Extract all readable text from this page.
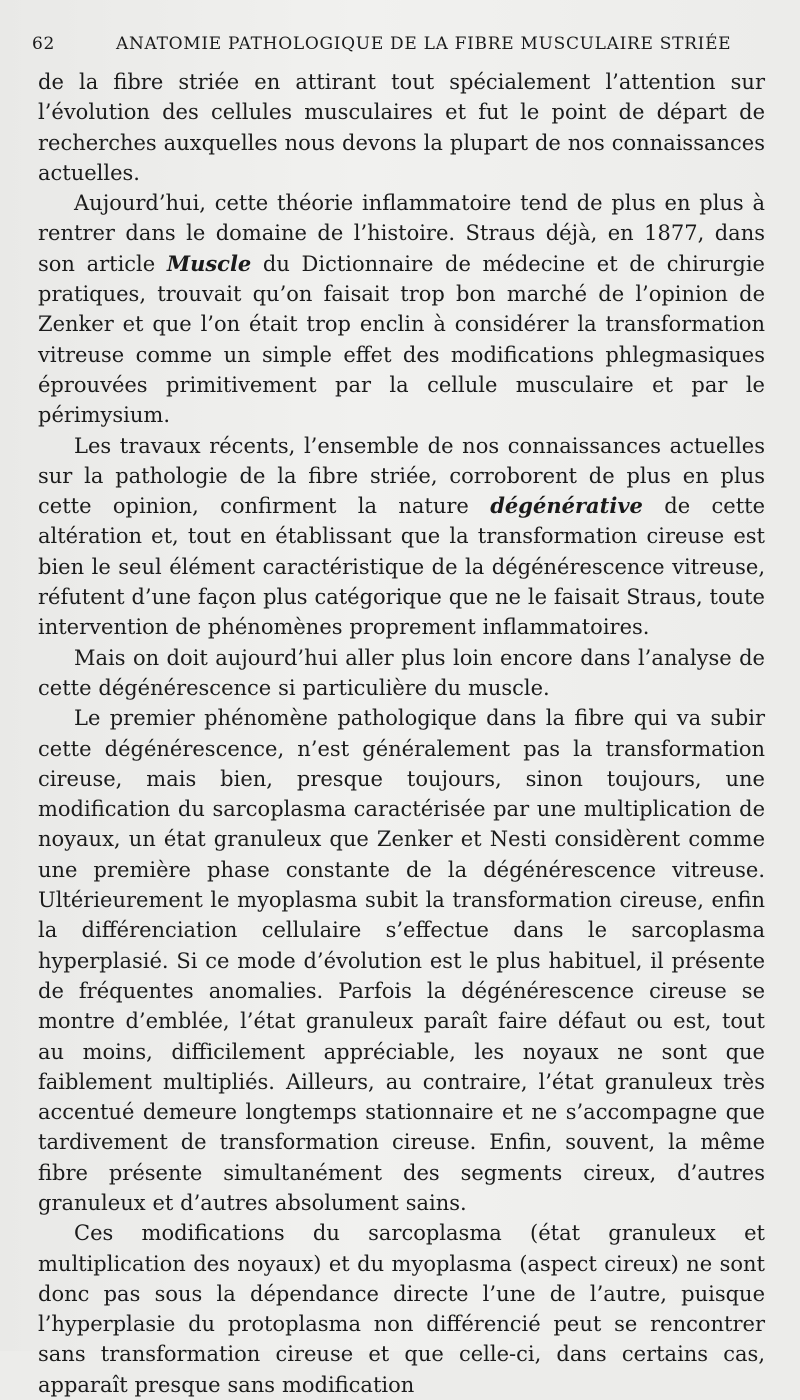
62	ANATOMIE PATHOLOGIQUE DE LA FIBRE MUSCULAIRE STRIÉE

de la fibre striée en attirant tout spécialement l’attention sur l’évolution des cellules musculaires et fut le point de départ de recherches auxquelles nous devons la plupart de nos connaissances actuelles.

Aujourd’hui, cette théorie inflammatoire tend de plus en plus à rentrer dans le domaine de l’histoire. Straus déjà, en 1877, dans son article Muscle du Dictionnaire de médecine et de chirurgie pratiques, trouvait qu’on faisait trop bon marché de l’opinion de Zenker et que l’on était trop enclin à considérer la transformation vitreuse comme un simple effet des modifications phlegmasiques éprouvées primitivement par la cellule musculaire et par le périmysium.

Les travaux récents, l’ensemble de nos connaissances actuelles sur la pathologie de la fibre striée, corroborent de plus en plus cette opinion, confirment la nature dégénérative de cette altération et, tout en établissant que la transformation cireuse est bien le seul élément caractéristique de la dégénérescence vitreuse, réfutent d’une façon plus catégorique que ne le faisait Straus, toute intervention de phénomènes proprement inflammatoires.

Mais on doit aujourd’hui aller plus loin encore dans l’analyse de cette dégénérescence si particulière du muscle.

Le premier phénomène pathologique dans la fibre qui va subir cette dégénérescence, n’est généralement pas la transformation cireuse, mais bien, presque toujours, sinon toujours, une modification du sarcoplasma caractérisée par une multiplication de noyaux, un état granuleux que Zenker et Nesti considèrent comme une première phase constante de la dégénérescence vitreuse. Ultérieurement le myoplasma subit la transformation cireuse, enfin la différenciation cellulaire s’effectue dans le sarcoplasma hyperplasié. Si ce mode d’évolution est le plus habituel, il présente de fréquentes anomalies. Parfois la dégénérescence cireuse se montre d’emblée, l’état granuleux paraît faire défaut ou est, tout au moins, difficilement appréciable, les noyaux ne sont que faiblement multipliés. Ailleurs, au contraire, l’état granuleux très accentué demeure longtemps stationnaire et ne s’accompagne que tardivement de transformation cireuse. Enfin, souvent, la même fibre présente simultanément des segments cireux, d’autres granuleux et d’autres absolument sains.

Ces modifications du sarcoplasma (état granuleux et multiplication des noyaux) et du myoplasma (aspect cireux) ne sont donc pas sous la dépendance directe l’une de l’autre, puisque l’hyperplasie du protoplasma non différencié peut se rencontrer sans transformation cireuse et que celle-ci, dans certains cas, apparaît presque sans modification
